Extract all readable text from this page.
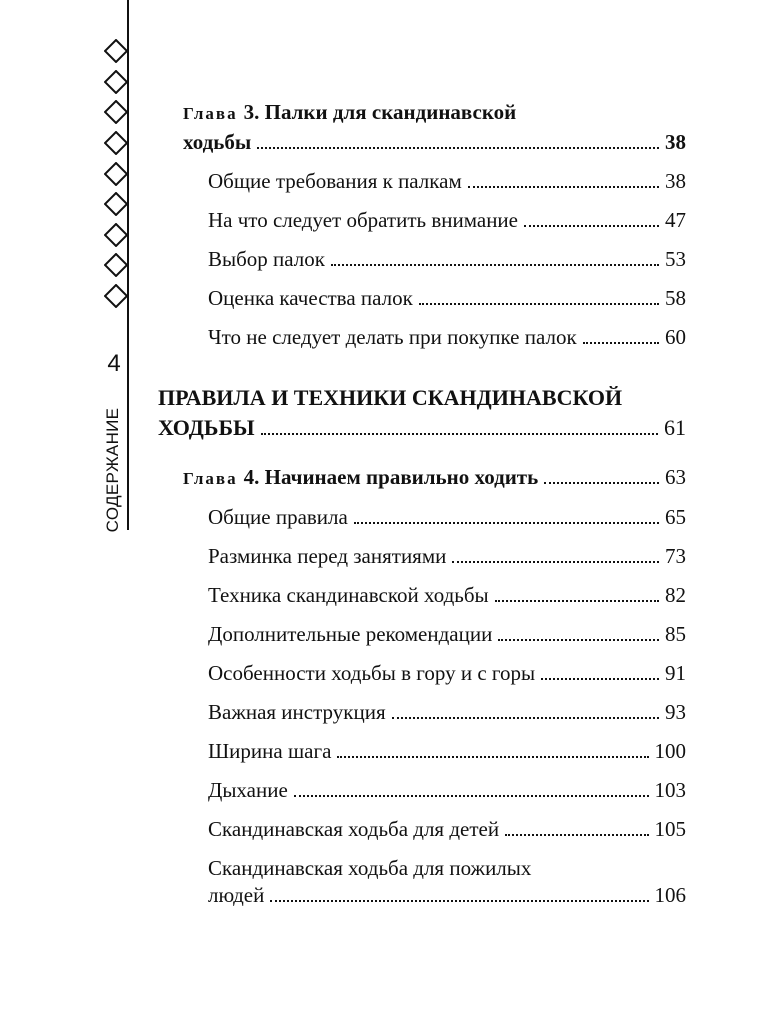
4
СОДЕРЖАНИЕ
Глава 3. Палки для скандинавской
ходьбы	38
Общие требования к палкам	38
На что следует обратить внимание	47
Выбор палок	53
Оценка качества палок	58
Что не следует делать при покупке палок	60
ПРАВИЛА И ТЕХНИКИ СКАНДИНАВСКОЙ
ХОДЬБЫ	61
Глава 4. Начинаем правильно ходить	63
Общие правила	65
Разминка перед занятиями	73
Техника скандинавской ходьбы	82
Дополнительные рекомендации	85
Особенности ходьбы в гору и с горы	91
Важная инструкция	93
Ширина шага	100
Дыхание	103
Скандинавская ходьба для детей	105
Скандинавская ходьба для пожилых
людей	106
